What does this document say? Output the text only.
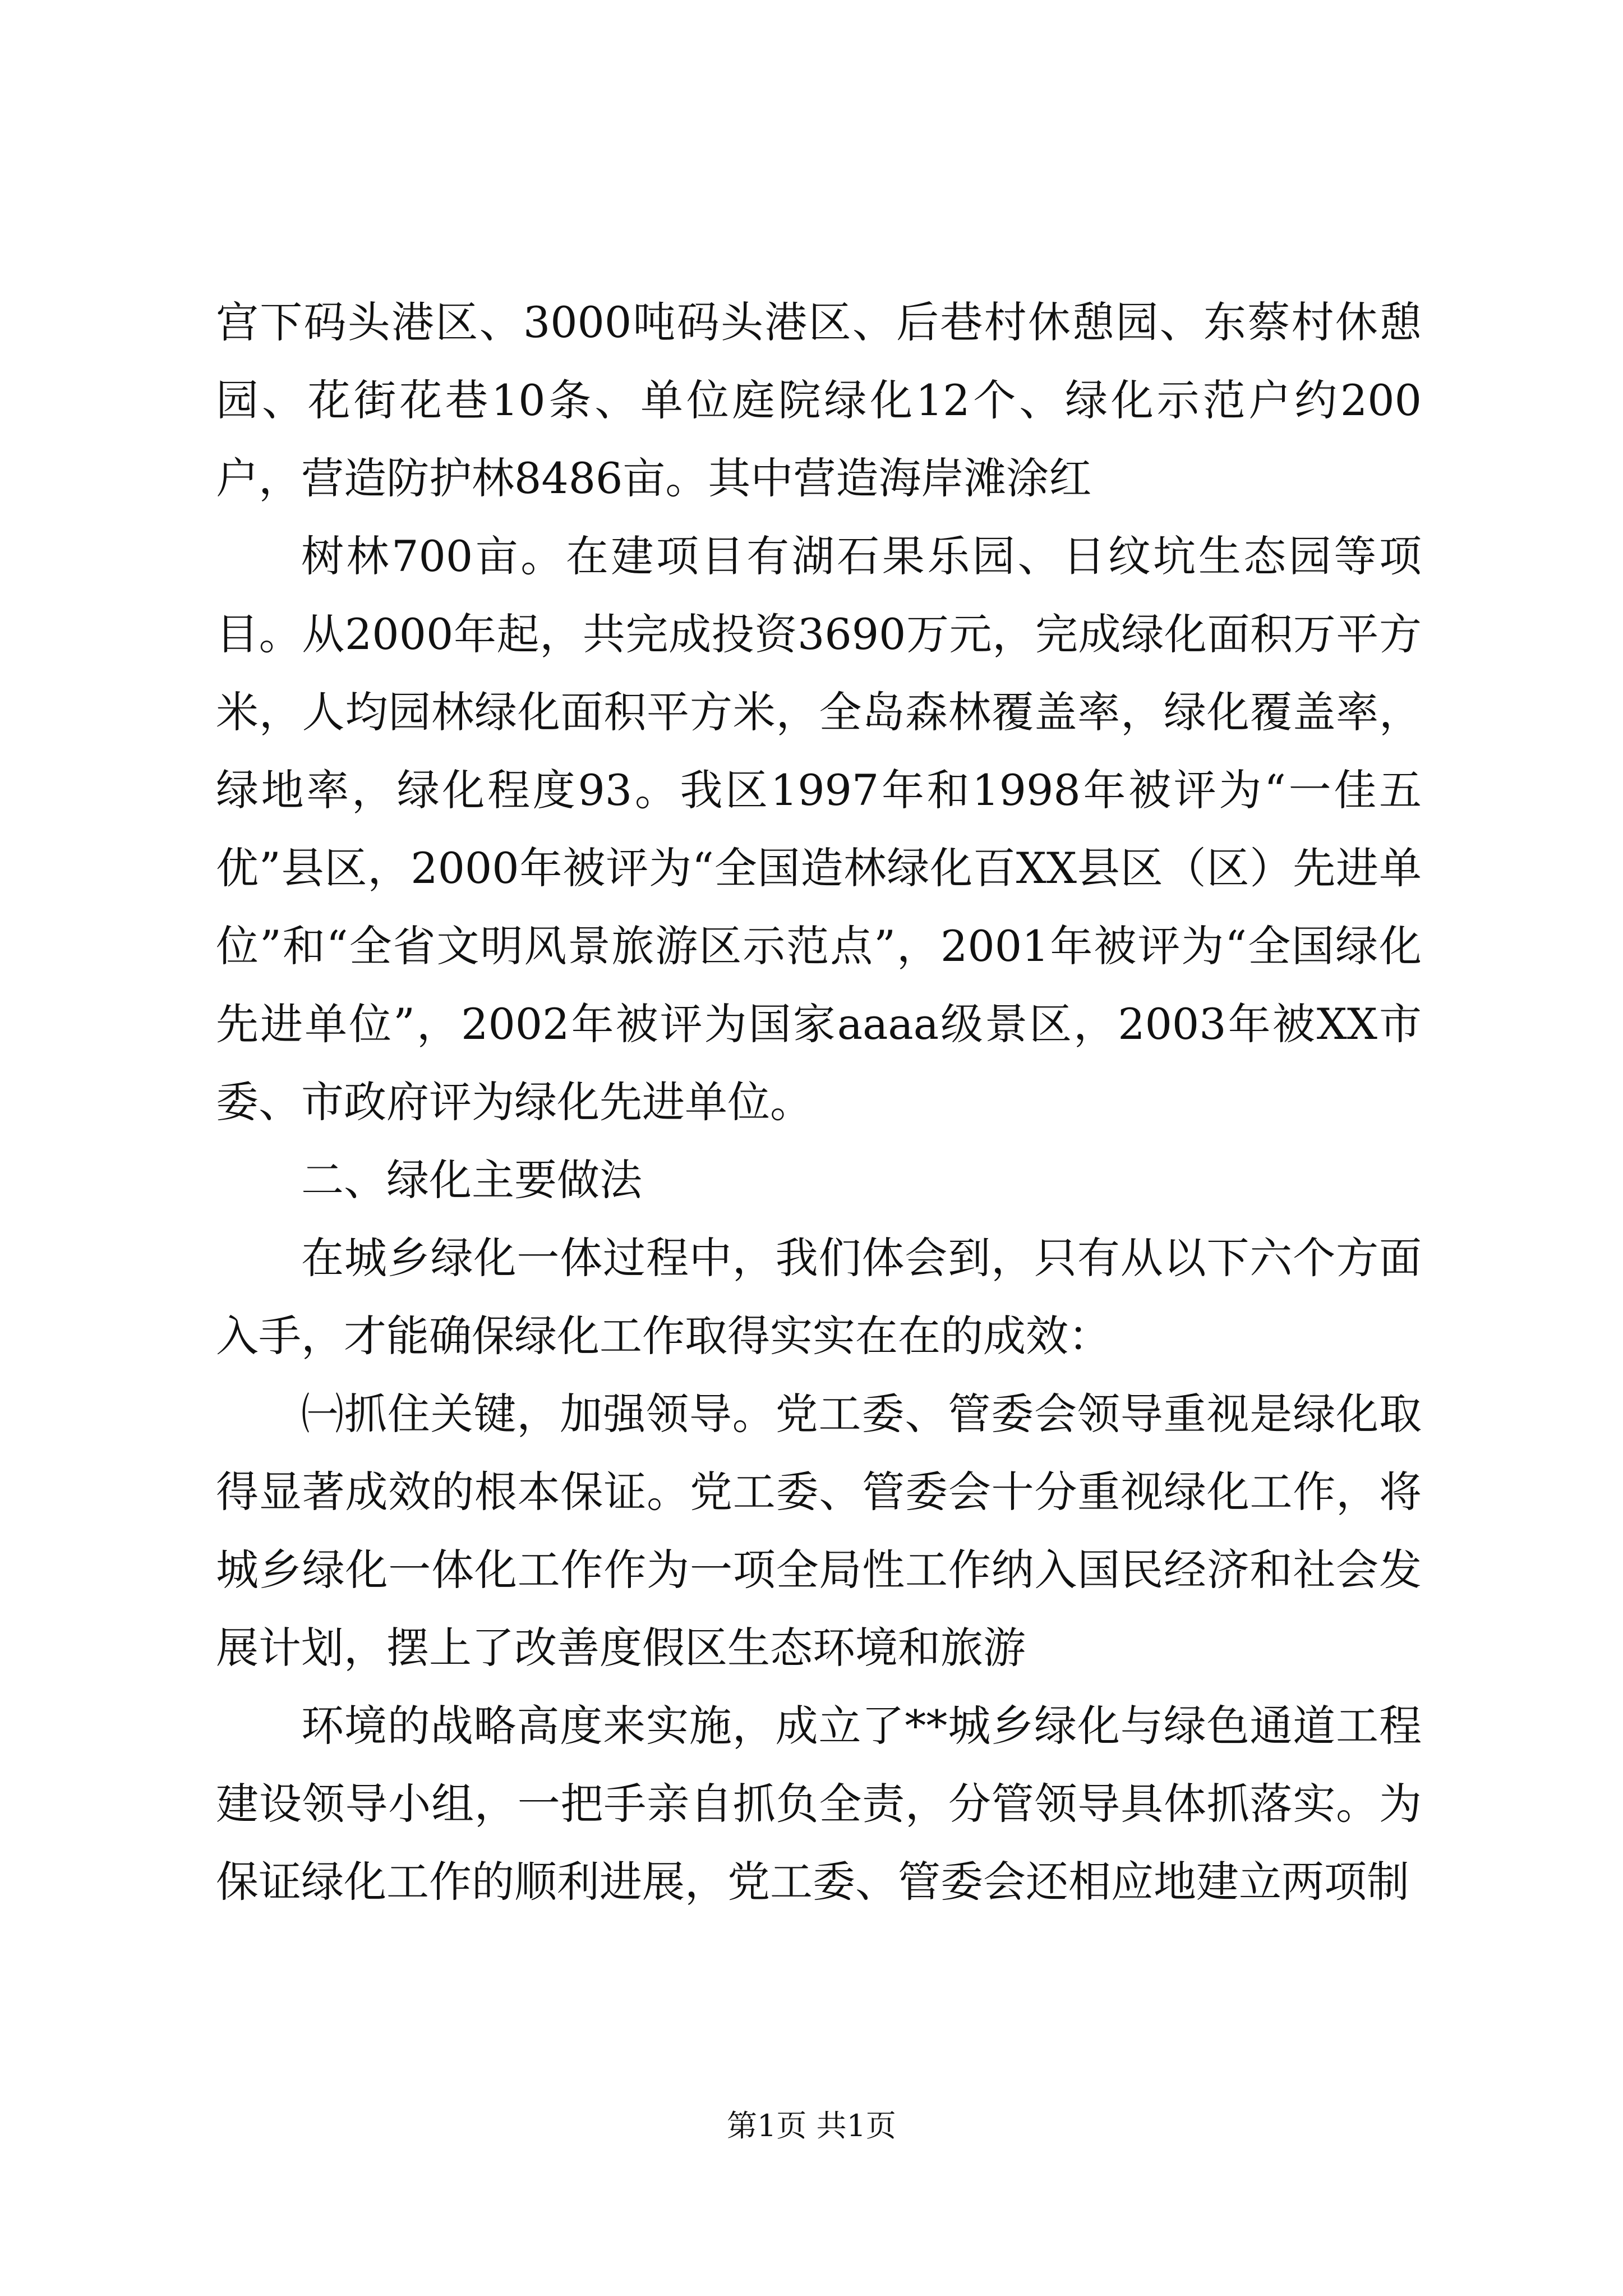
宫下码头港区、3000吨码头港区、后巷村休憩园、东蔡村休憩园、花街花巷10条、单位庭院绿化12个、绿化示范户约200户，营造防护林8486亩。其中营造海岸滩涂红

树林700亩。在建项目有湖石果乐园、日纹坑生态园等项目。从2000年起，共完成投资3690万元，完成绿化面积万平方米，人均园林绿化面积平方米，全岛森林覆盖率，绿化覆盖率，绿地率，绿化程度93。我区1997年和1998年被评为“一佳五优”县区，2000年被评为“全国造林绿化百XX县区（区）先进单位”和“全省文明风景旅游区示范点”，2001年被评为“全国绿化先进单位”，2002年被评为国家aaaa级景区，2003年被XX市委、市政府评为绿化先进单位。

二、绿化主要做法

在城乡绿化一体过程中，我们体会到，只有从以下六个方面入手，才能确保绿化工作取得实实在在的成效：

㈠抓住关键，加强领导。党工委、管委会领导重视是绿化取得显著成效的根本保证。党工委、管委会十分重视绿化工作，将城乡绿化一体化工作作为一项全局性工作纳入国民经济和社会发展计划，摆上了改善度假区生态环境和旅游

环境的战略高度来实施，成立了**城乡绿化与绿色通道工程建设领导小组，一把手亲自抓负全责，分管领导具体抓落实。为保证绿化工作的顺利进展，党工委、管委会还相应地建立两项制

第1页 共1页
